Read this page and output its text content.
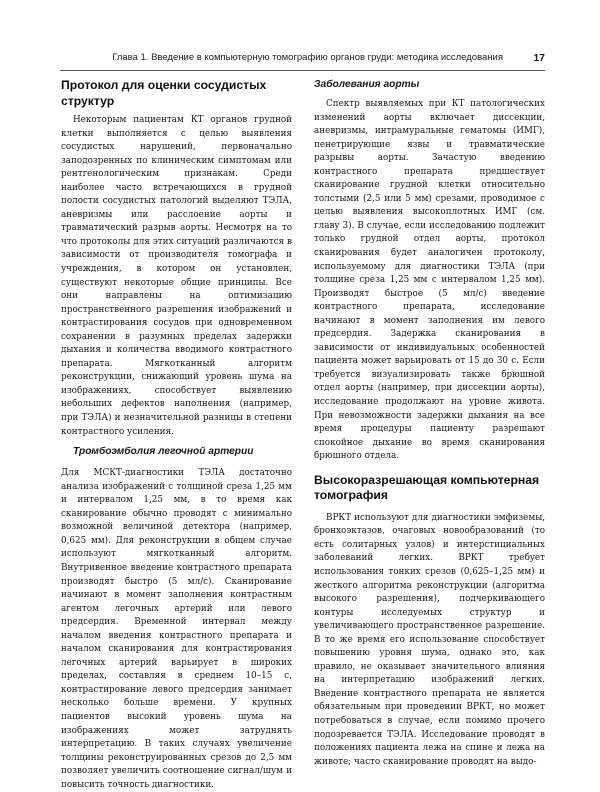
Глава 1. Введение в компьютерную томографию органов груди: методика исследования	17
Протокол для оценки сосудистых структур

Некоторым пациентам КТ органов грудной клетки выполняется с целью выявления сосудистых нарушений, первоначально заподозренных по клиническим симптомам или рентгенологическим признакам. Среди наиболее часто встречающихся в грудной полости сосудистых патологий выделяют ТЭЛА, аневризмы или расслоение аорты и травматический разрыв аорты. Несмотря на то что протоколы для этих ситуаций различаются в зависимости от производителя томографа и учреждения, в котором он установлен, существуют некоторые общие принципы. Все они направлены на оптимизацию пространственного разрешения изображений и контрастирования сосудов при одновременном сохранении в разумных пределах задержки дыхания и количества вводимого контрастного препарата. Мягкотканный алгоритм реконструкции, снижающий уровень шума на изображениях, способствует выявлению небольших дефектов наполнения (например, при ТЭЛА) и незначительной разницы в степени контрастного усиления.

Тромбоэмболия легочной артерии

Для МСКТ-диагностики ТЭЛА достаточно анализа изображений с толщиной среза 1,25 мм и интервалом 1,25 мм, в то время как сканирование обычно проводят с минимально возможной величиной детектора (например, 0,625 мм). Для реконструкции в общем случае используют мягкотканный алгоритм. Внутривенное введение контрастного препарата производят быстро (5 мл/с). Сканирование начинают в момент заполнения контрастным агентом легочных артерий или левого предсердия. Временной интервал между началом введения контрастного препарата и началом сканирования для контрастирования легочных артерий варьирует в широких пределах, составляя в среднем 10–15 с, контрастирование левого предсердия занимает несколько больше времени. У крупных пациентов высокий уровень шума на изображениях может затруднять интерпретацию. В таких случаях увеличение толщины реконструированных срезов до 2,5 мм позволяет увеличить соотношение сигнал/шум и повысить точность диагностики.

Заболевания аорты

Спектр выявляемых при КТ патологических изменений аорты включает диссекции, аневризмы, интрамуральные гематомы (ИМГ), пенетрирующие язвы и травматические разрывы аорты. Зачастую введению контрастного препарата предшествует сканирование грудной клетки относительно толстыми (2,5 или 5 мм) срезами, проводимое с целью выявления высокоплотных ИМГ (см. главу 3). В случае, если исследованию подлежит только грудной отдел аорты, протокол сканирования будет аналогичен протоколу, используемому для диагностики ТЭЛА (при толщине среза 1,25 мм с интервалом 1,25 мм). Производят быстрое (5 мл/с) введение контрастного препарата, исследование начинают в момент заполнения им левого предсердия. Задержка сканирования в зависимости от индивидуальных особенностей пациента может варьировать от 15 до 30 с. Если требуется визуализировать также брюшной отдел аорты (например, при диссекции аорты), исследование продолжают на уровне живота. При невозможности задержки дыхания на все время процедуры пациенту разрешают спокойное дыхание во время сканирования брюшного отдела.

Высокоразрешающая компьютерная томография

ВРКТ используют для диагностики эмфиземы, бронхоэктазов, очаговых новообразований (то есть солитарных узлов) и интерстициальных заболеваний легких. ВРКТ требует использования тонких срезов (0,625–1,25 мм) и жесткого алгоритма реконструкции (алгоритма высокого разрешения), подчеркивающего контуры исследуемых структур и увеличивающего пространственное разрешение. В то же время его использование способствует повышению уровня шума, однако это, как правило, не оказывает значительного влияния на интерпретацию изображений легких. Введение контрастного препарата не является обязательным при проведении ВРКТ, но может потребоваться в случае, если помимо прочего подозревается ТЭЛА. Исследование проводят в положениях пациента лежа на спине и лежа на животе; часто сканирование проводят на выдо-
